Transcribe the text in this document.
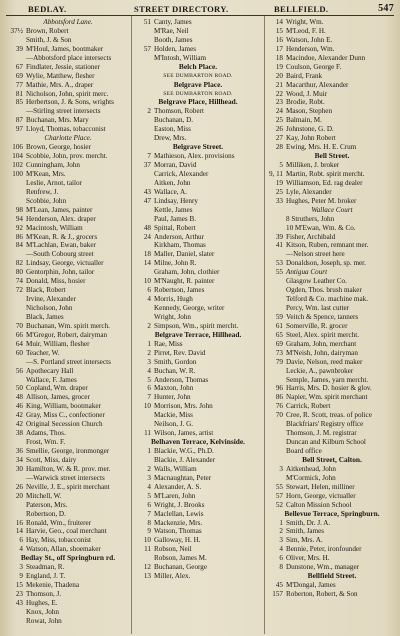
BEDLAY.	STREET DIRECTORY.	BELLFIELD.	547
Abbotsford Lane.
37½ Brown, Robert
Smith, J. & Son
39 M'Houl, James, bootmaker
—Abbotsford place intersects
67 Findlater, Jessie, stationer
69 Wylie, Matthew, flesher
77 Mathie, Mrs. A., draper
81 Nicholson, John, spirit merc.
85 Herbertson, J. & Sons, wrights
—Stirling street intersects
87 Buchanan, Mrs. Mary
97 Lloyd, Thomas, tobacconist
Charlotte Place.
106 Brown, George, hosier
104 Scobbie, John, prov. mercht.
102 Cunningham, John
100 M'Kean, Mrs.
Leslie, Arnot, tailor
Renfrew, J.
Scobbie, John
98 M'Lean, James, painter
94 Henderson, Alex. draper
92 Macintosh, William
86 M'Kean, R. & J., grocers
84 M'Lachlan, Ewan, baker
—South Cobourg street
82 Lindsay, George, victualler
80 Gentorphin, John, tailor
74 Donald, Miss, hosier
72 Black, Robert
Irvine, Alexander
Nicholson, John
Black, James
70 Buchanan, Wm. spirit merch.
66 M'Gregor, Robert, dairyman
64 Muir, William, flesher
60 Teacher, W.
—S. Portland street intersects
56 Apothecary Hall
Wallace, F. James
50 Copland, Wm. draper
48 Allison, James, grocer
46 King, William, bootmaker
42 Gray, Miss C., confectioner
42 Original Secession Church
38 Adams, Thos.
Frost, Wm. F.
36 Smellie, George, ironmonger
34 Scott, Miss, dairy
30 Hamilton, W. & R. prov. mer.
—Warwick street intersects
26 Neville, J. E., spirit merchant
20 Mitchell, W.
Paterson, Mrs.
Robertson, D.
16 Ronald, Wm., fruiterer
14 Harvie, Geo., coal merchant
6 Hay, Miss, tobacconist
4 Watson, Allan, shoemaker
Bedlay St., off Springburn rd.
3 Steadman, R.
9 England, J. T.
15 Mekenie, Thadena
23 Thomson, J.
43 Hughes, E.
Knox, John
Rowat, John
51 Canty, James
M'Rae, Neil
Booth, James
57 Holden, James
M'Intosh, William
Belch Place.
SEE DUMBARTON ROAD.
Belgrave Place.
SEE DUMBARTON ROAD.
Belgrave Place, Hillhead.
2 Thomson, Robert
Buchanan, D.
Easton, Miss
Drew, Mrs.
Belgrave Street.
7 Mathieson, Alex. provisions
37 Morran, David
Carrick, Alexander
Aitken, John
43 Wallace, A.
47 Lindsay, Henry
Kettle, James
Paul, James B.
48 Spittal, Robert
24 Anderson, Arthur
Kirkham, Thomas
18 Maller, Daniel, slater
14 Milne, John R.
Graham, John, clothier
10 M'Naught, R. painter
6 Robertson, James
4 Morris, Hugh
Kennedy, George, writer
Wright, John
2 Simpson, Wm., spirit mercht.
Belgrave Terrace, Hillhead.
1 Rae, Miss
2 Pirret, Rev. David
3 Smith, Gordon
4 Buchan, W. R.
5 Anderson, Thomas
6 Maxton, John
7 Hunter, John
10 Morrison, Mrs. John
Mackie, Miss
Neilson, J. G.
11 Wilson, James, artist
Belhaven Terrace, Kelvinside.
1 Blackie, W.G., Ph.D.
Blackie, J. Alexander
2 Walls, William
3 Macnaughtan, Peter
4 Alexander, A. S.
5 M'Laren, John
6 Wright, J. Brooks
7 Maclellan, Lewis
8 Mackenzie, Mrs.
9 Watson, Thomas
10 Galloway, H. H.
11 Robson, Neil
Robson, James M.
12 Buchanan, George
13 Miller, Alex.
14 Wright, Wm.
15 M'Leod, F. H.
16 Watson, John E.
17 Henderson, Wm.
18 Macindoe, Alexander Dunn
19 Coulson, George F.
20 Baird, Frank
21 Macarthur, Alexander
22 Wood, J. Muir
23 Brodie, Robt.
24 Mason, Stephen
25 Balmain, M.
26 Johnstone, G. D.
27 Kay, John Robert
28 Ewing, Mrs. H. E. Crum
Bell Street.
5 Milliken, J. broker
9, 11 Martin, Robt. spirit mercht.
19 Williamson, Ed. rag dealer
25 Lyle, Alexander
33 Hughes, Peter M. broker
Wallace Court
8 Struthers, John
10 M'Ewan, Wm. & Co.
39 Fisher, Archibald
41 Kitson, Ruben, remnant mer.
—Nelson street here
53 Donaldson, Joseph, sp. mer.
55 Antigua Court
Glasgow Leather Co.
Ogden, Thos. brush maker
Telford & Co. machine mak.
Percy, Wm. last cutter
59 Veitch & Spence, tanners
61 Somerville, R. grocer
65 Steel, Alex. spirit mercht.
69 Graham, John, merchant
73 M'Neish, John, dairyman
79 Davie, Nelson, reed maker
Leckie, A., pawnbroker
Semple, James, yarn mercht.
96 Harris, Mrs. D. hosier & glov.
86 Napier, Wm. spirit merchant
76 Carrick, Robert
70 Cree, R. Scott, treas. of police
Blackfriars' Registry office
Thomson, J. M. registrar
Duncan and Kilburn School
Board office
Bell Street, Calton.
3 Aitkenhead, John
M'Cormick, John
55 Stewart, Helen, milliner
57 Horn, George, victualler
52 Calton Mission School
Bellevue Terrace, Springburn.
1 Smith, Dr. J. A.
2 Smith, James
3 Sim, Mrs. A.
4 Bennie, Peter, ironfounder
6 Oliver, Mrs. H.
8 Dunstone, Wm., manager
Bellfield Street.
45 M'Dongal, James
157 Roberton, Robert, & Son
